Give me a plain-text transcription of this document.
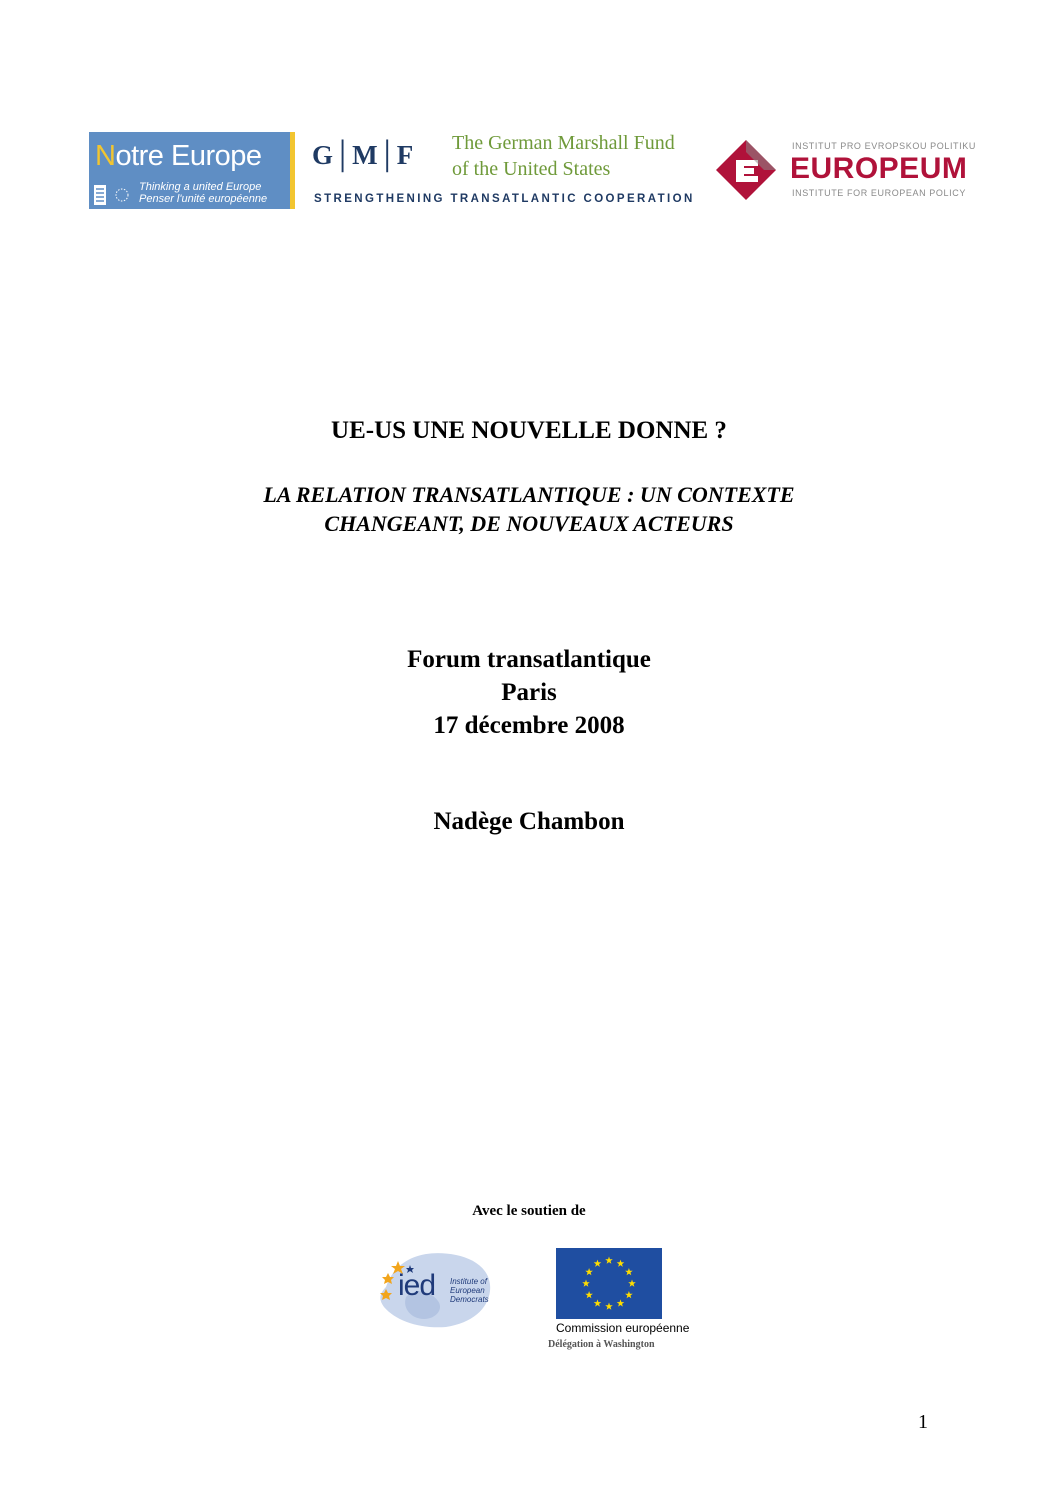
Notre Europe
Thinking a united Europe
Penser l'unité européenne
G│M│F The German Marshall Fund
of the United States
STRENGTHENING TRANSATLANTIC COOPERATION
INSTITUT PRO EVROPSKOU POLITIKU
EUROPEUM
INSTITUTE FOR EUROPEAN POLICY
UE-US UNE NOUVELLE DONNE ?
LA RELATION TRANSATLANTIQUE : UN CONTEXTE
CHANGEANT, DE NOUVEAUX ACTEURS
Forum transatlantique
Paris
17 décembre 2008
Nadège Chambon
Avec le soutien de
ied Institute of
European
Democrats
Commission européenne
Délégation à Washington
1
